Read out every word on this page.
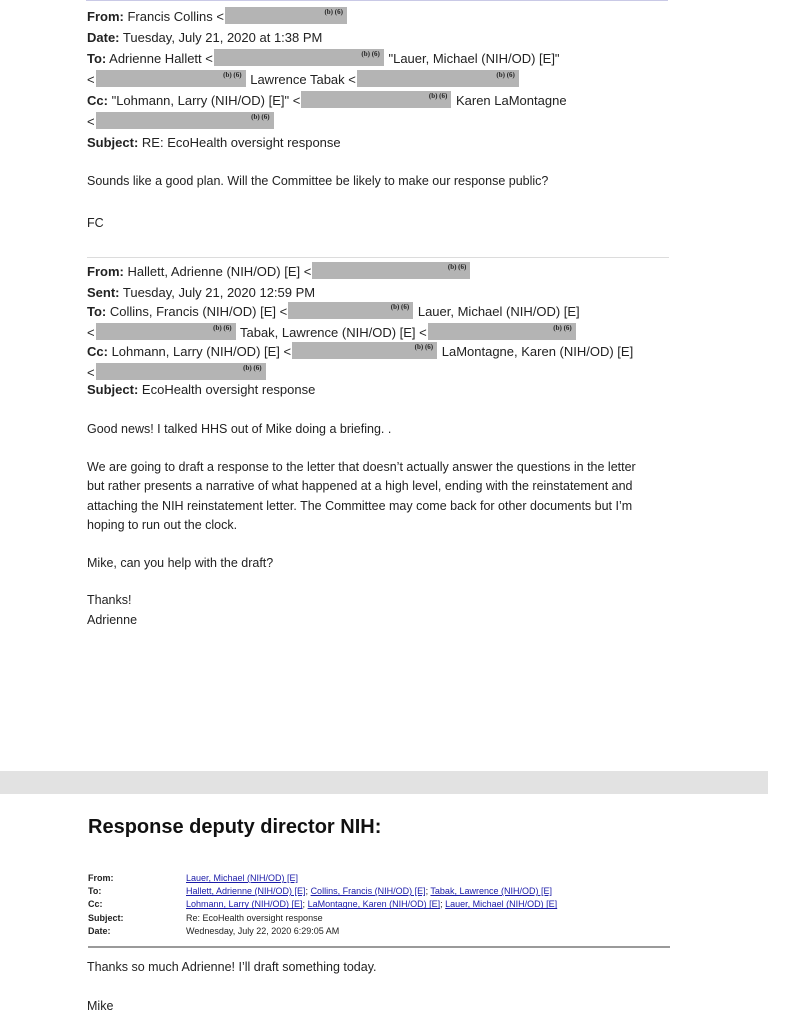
From: Francis Collins <	(b) (6)
Date: Tuesday, July 21, 2020 at 1:38 PM
To: Adrienne Hallett <	(b) (6) "Lauer, Michael (NIH/OD) [E]"
<	(b) (6) Lawrence Tabak <	(b) (6)
Cc: "Lohmann, Larry (NIH/OD) [E]" <	(b) (6) Karen LaMontagne
<	(b) (6)
Subject: RE: EcoHealth oversight response
Sounds like a good plan. Will the Committee be likely to make our response public?
FC
From: Hallett, Adrienne (NIH/OD) [E] <	(b) (6)
Sent: Tuesday, July 21, 2020 12:59 PM
To: Collins, Francis (NIH/OD) [E] <	(b) (6) Lauer, Michael (NIH/OD) [E]
<	(b) (6) Tabak, Lawrence (NIH/OD) [E] <	(b) (6)
Cc: Lohmann, Larry (NIH/OD) [E] <	(b) (6) LaMontagne, Karen (NIH/OD) [E]
<	(b) (6)
Subject: EcoHealth oversight response
Good news! I talked HHS out of Mike doing a briefing. .
We are going to draft a response to the letter that doesn’t actually answer the questions in the letter
but rather presents a narrative of what happened at a high level, ending with the reinstatement and
attaching the NIH reinstatement letter. The Committee may come back for other documents but I’m
hoping to run out the clock.
Mike, can you help with the draft?
Thanks!
Adrienne
Response deputy director NIH:
From:	Lauer, Michael (NIH/OD) [E]
To:	Hallett, Adrienne (NIH/OD) [E]; Collins, Francis (NIH/OD) [E]; Tabak, Lawrence (NIH/OD) [E]
Cc:	Lohmann, Larry (NIH/OD) [E]; LaMontagne, Karen (NIH/OD) [E]; Lauer, Michael (NIH/OD) [E]
Subject:	Re: EcoHealth oversight response
Date:	Wednesday, July 22, 2020 6:29:05 AM
Thanks so much Adrienne! I’ll draft something today.
Mike
